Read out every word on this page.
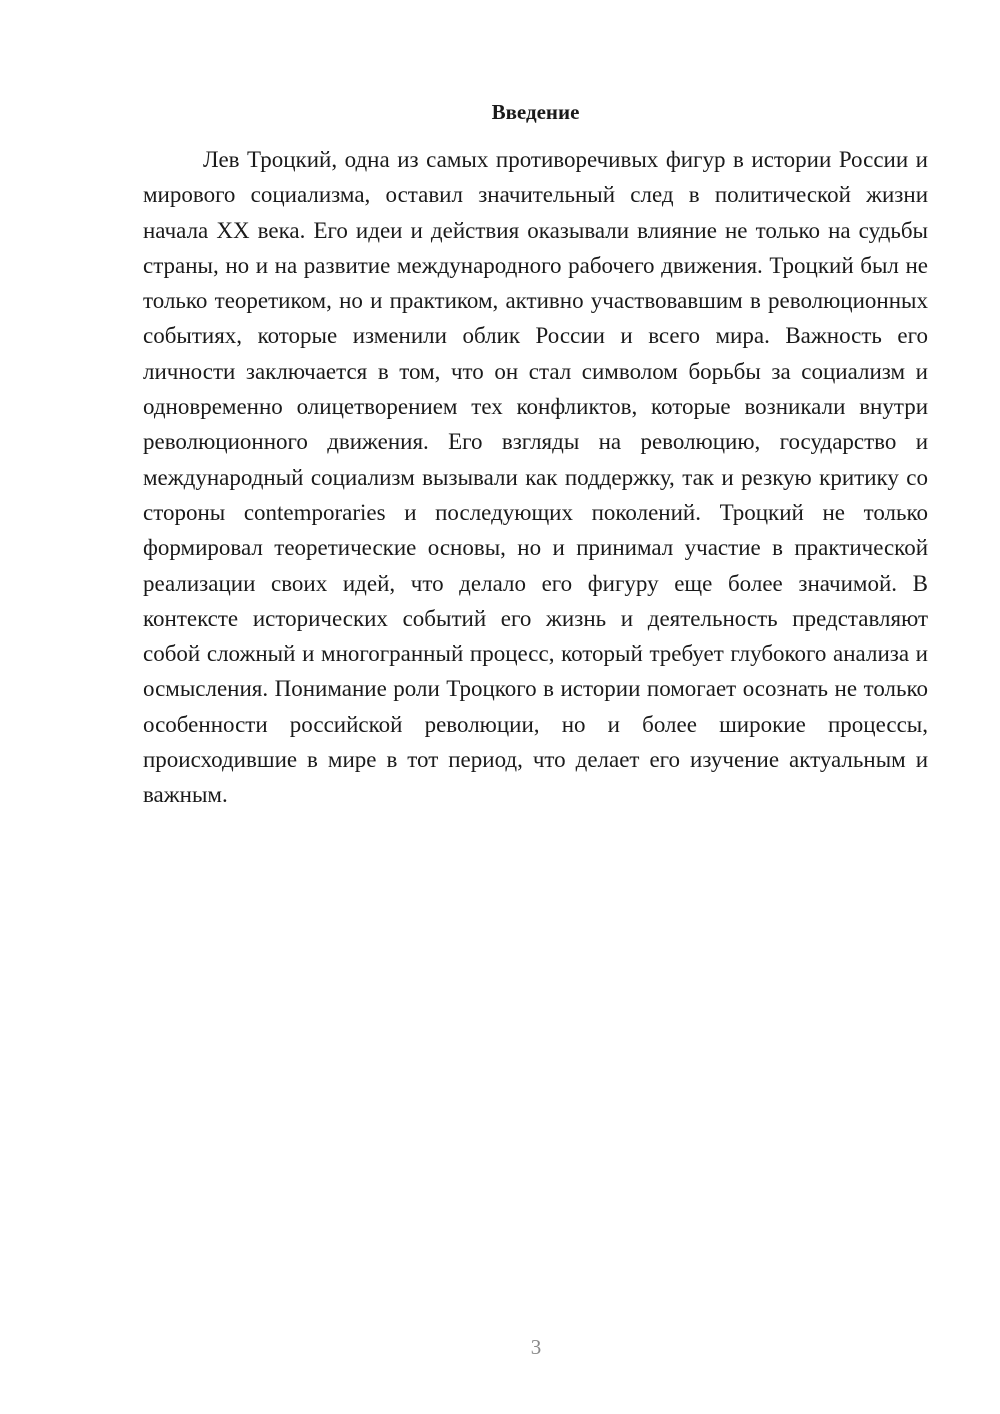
Введение

Лев Троцкий, одна из самых противоречивых фигур в истории России и мирового социализма, оставил значительный след в политической жизни начала XX века. Его идеи и действия оказывали влияние не только на судьбы страны, но и на развитие международного рабочего движения. Троцкий был не только теоретиком, но и практиком, активно участвовавшим в революционных событиях, которые изменили облик России и всего мира. Важность его личности заключается в том, что он стал символом борьбы за социализм и одновременно олицетворением тех конфликтов, которые возникали внутри революционного движения. Его взгляды на революцию, государство и международный социализм вызывали как поддержку, так и резкую критику со стороны contemporaries и последующих поколений. Троцкий не только формировал теоретические основы, но и принимал участие в практической реализации своих идей, что делало его фигуру еще более значимой. В контексте исторических событий его жизнь и деятельность представляют собой сложный и многогранный процесс, который требует глубокого анализа и осмысления. Понимание роли Троцкого в истории помогает осознать не только особенности российской революции, но и более широкие процессы, происходившие в мире в тот период, что делает его изучение актуальным и важным.

3
